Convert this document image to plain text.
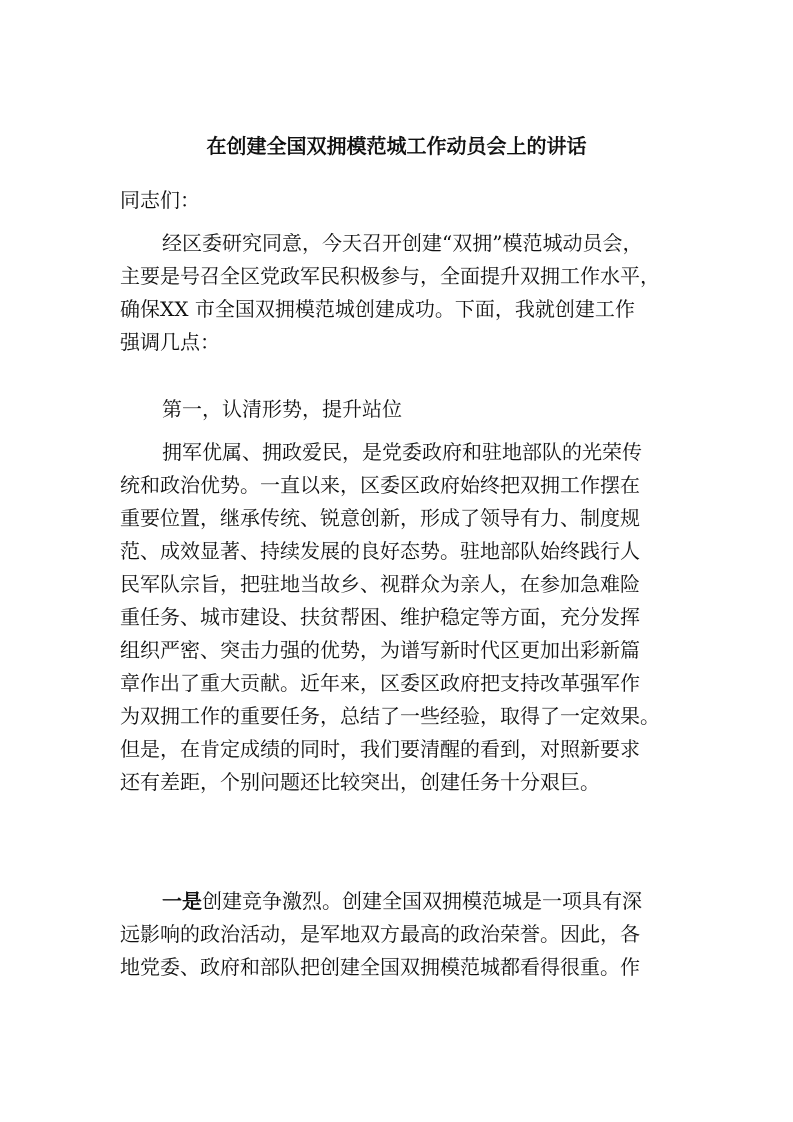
在创建全国双拥模范城工作动员会上的讲话
同志们：
经区委研究同意，今天召开创建“双拥”模范城动员会，
主要是号召全区党政军民积极参与，全面提升双拥工作水平，
确保XX 市全国双拥模范城创建成功。下面，我就创建工作
强调几点：
第一，认清形势，提升站位
拥军优属、拥政爱民，是党委政府和驻地部队的光荣传
统和政治优势。一直以来，区委区政府始终把双拥工作摆在
重要位置，继承传统、锐意创新，形成了领导有力、制度规
范、成效显著、持续发展的良好态势。驻地部队始终践行人
民军队宗旨，把驻地当故乡、视群众为亲人，在参加急难险
重任务、城市建设、扶贫帮困、维护稳定等方面，充分发挥
组织严密、突击力强的优势，为谱写新时代区更加出彩新篇
章作出了重大贡献。近年来，区委区政府把支持改革强军作
为双拥工作的重要任务，总结了一些经验，取得了一定效果。
但是，在肯定成绩的同时，我们要清醒的看到，对照新要求
还有差距，个别问题还比较突出，创建任务十分艰巨。
一是创建竞争激烈。创建全国双拥模范城是一项具有深
远影响的政治活动，是军地双方最高的政治荣誉。因此，各
地党委、政府和部队把创建全国双拥模范城都看得很重。作
